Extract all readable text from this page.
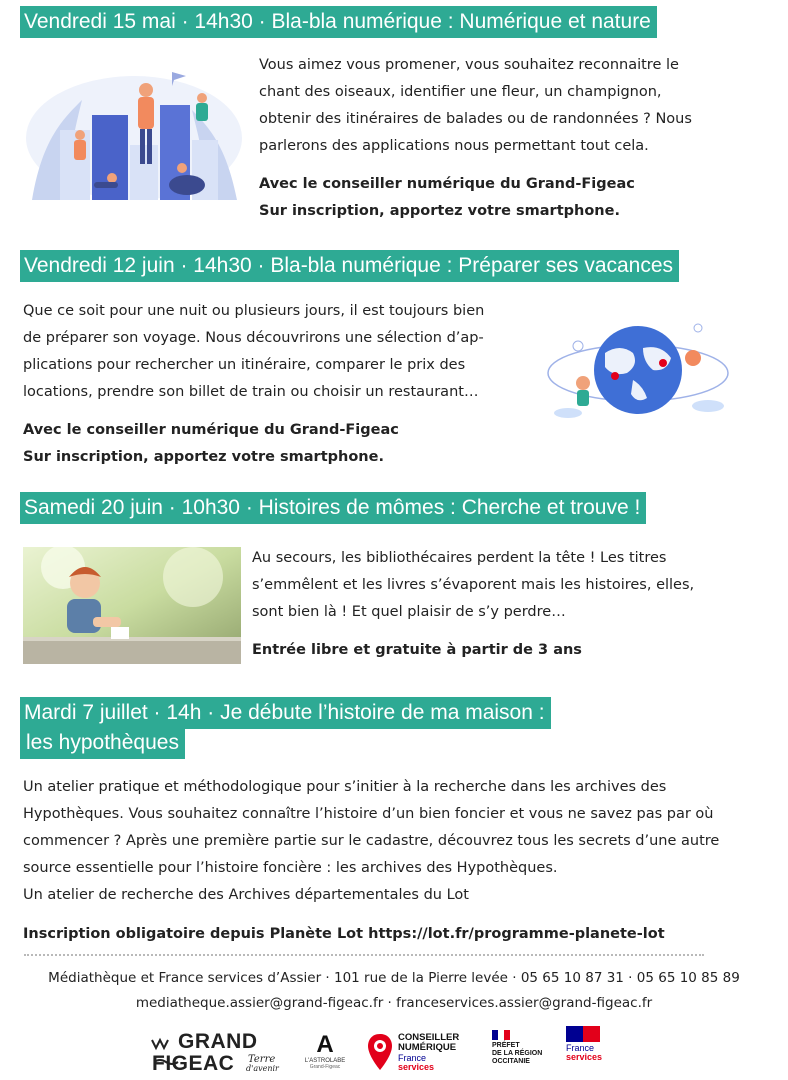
Vendredi 15 mai · 14h30 · Bla-bla numérique : Numérique et nature
Vous aimez vous promener, vous souhaitez reconnaitre le
chant des oiseaux, identifier une fleur, un champignon,
obtenir des itinéraires de balades ou de randonnées ? Nous
parlerons des applications nous permettant tout cela.
Avec le conseiller numérique du Grand-Figeac
Sur inscription, apportez votre smartphone.
Vendredi 12 juin · 14h30 · Bla-bla numérique : Préparer ses vacances
Que ce soit pour une nuit ou plusieurs jours, il est toujours bien
de préparer son voyage. Nous découvrirons une sélection d’ap-
plications pour rechercher un itinéraire, comparer le prix des
locations, prendre son billet de train ou choisir un restaurant…
Avec le conseiller numérique du Grand-Figeac
Sur inscription, apportez votre smartphone.
Samedi 20 juin · 10h30 · Histoires de mômes : Cherche et trouve !
Au secours, les bibliothécaires perdent la tête ! Les titres
s’emmêlent et les livres s’évaporent mais les histoires, elles,
sont bien là ! Et quel plaisir de s’y perdre…
Entrée libre et gratuite à partir de 3 ans
Mardi 7 juillet · 14h · Je débute l’histoire de ma maison :
les hypothèques
Un atelier pratique et méthodologique pour s’initier à la recherche dans les archives des
Hypothèques. Vous souhaitez connaître l’histoire d’un bien foncier et vous ne savez pas par où
commencer ? Après une première partie sur le cadastre, découvrez tous les secrets d’une autre
source essentielle pour l’histoire foncière : les archives des Hypothèques.
Un atelier de recherche des Archives départementales du Lot
Inscription obligatoire depuis Planète Lot https://lot.fr/programme-planete-lot
Médiathèque et France services d’Assier · 101 rue de la Pierre levée · 05 65 10 87 31 · 05 65 10 85 89
mediatheque.assier@grand-figeac.fr · franceservices.assier@grand-figeac.fr
GRAND
FIGEAC Terre
d'avenir
A
L'ASTROLABE
Grand-Figeac
CONSEILLER
NUMÉRIQUE
France
services
PRÉFET
DE LA RÉGION
OCCITANIE
France
services
